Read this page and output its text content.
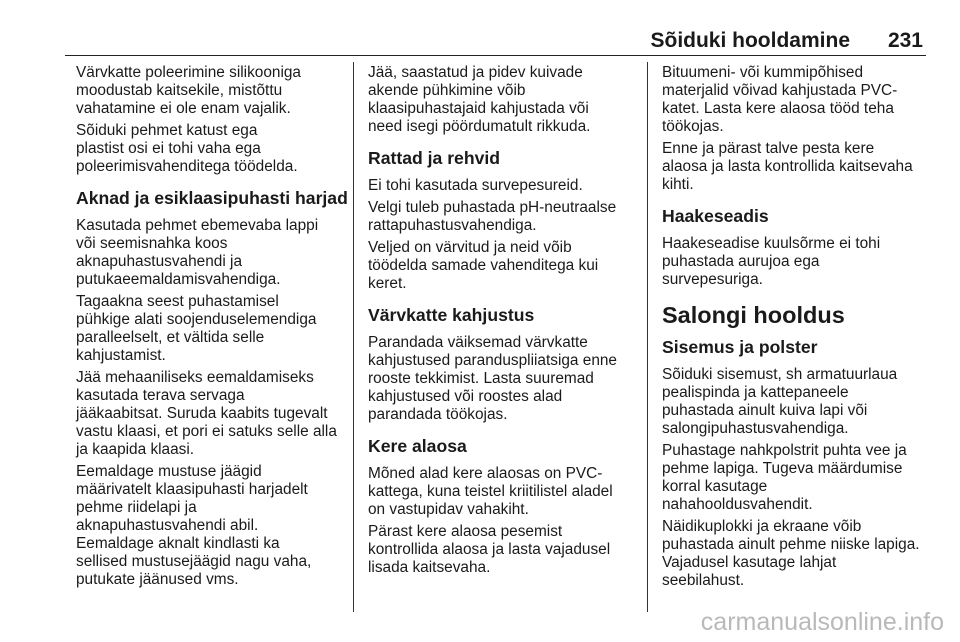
Sõiduki hooldamine 231

Värvkatte poleerimine silikooniga
moodustab kaitsekile, mistõttu
vahatamine ei ole enam vajalik.

Sõiduki pehmet katust ega
plastist osi ei tohi vaha ega
poleerimisvahenditega töödelda.

Aknad ja esiklaasipuhasti harjad

Kasutada pehmet ebemevaba lappi
või seemisnahka koos
aknapuhastusvahendi ja
putukaeemaldamisvahendiga.

Tagaakna seest puhastamisel
pühkige alati soojenduselemendiga
paralleelselt, et vältida selle
kahjustamist.

Jää mehaaniliseks eemaldamiseks
kasutada terava servaga
jääkaabitsat. Suruda kaabits tugevalt
vastu klaasi, et pori ei satuks selle alla
ja kaapida klaasi.

Eemaldage mustuse jäägid
määrivatelt klaasipuhasti harjadelt
pehme riidelapi ja
aknapuhastusvahendi abil.
Eemaldage aknalt kindlasti ka
sellised mustusejäägid nagu vaha,
putukate jäänused vms.

Jää, saastatud ja pidev kuivade
akende pühkimine võib
klaasipuhastajaid kahjustada või
need isegi pöördumatult rikkuda.

Rattad ja rehvid

Ei tohi kasutada survepesureid.

Velgi tuleb puhastada pH-neutraalse
rattapuhastusvahendiga.

Veljed on värvitud ja neid võib
töödelda samade vahenditega kui
keret.

Värvkatte kahjustus

Parandada väiksemad värvkatte
kahjustused paranduspliiatsiga enne
rooste tekkimist. Lasta suuremad
kahjustused või roostes alad
parandada töökojas.

Kere alaosa

Mõned alad kere alaosas on PVC-
kattega, kuna teistel kriitilistel aladel
on vastupidav vahakiht.

Pärast kere alaosa pesemist
kontrollida alaosa ja lasta vajadusel
lisada kaitsevaha.

Bituumeni- või kummipõhised
materjalid võivad kahjustada PVC-
katet. Lasta kere alaosa tööd teha
töökojas.

Enne ja pärast talve pesta kere
alaosa ja lasta kontrollida kaitsevaha
kihti.

Haakeseadis

Haakeseadise kuulsõrme ei tohi
puhastada aurujoa ega
survepesuriga.

Salongi hooldus
Sisemus ja polster

Sõiduki sisemust, sh armatuurlaua
pealispinda ja kattepaneele
puhastada ainult kuiva lapi või
salongipuhastusvahendiga.

Puhastage nahkpolstrit puhta vee ja
pehme lapiga. Tugeva määrdumise
korral kasutage
nahahooldusvahendit.

Näidikuplokki ja ekraane võib
puhastada ainult pehme niiske lapiga.
Vajadusel kasutage lahjat
seebilahust.

carmanualsonline.info
